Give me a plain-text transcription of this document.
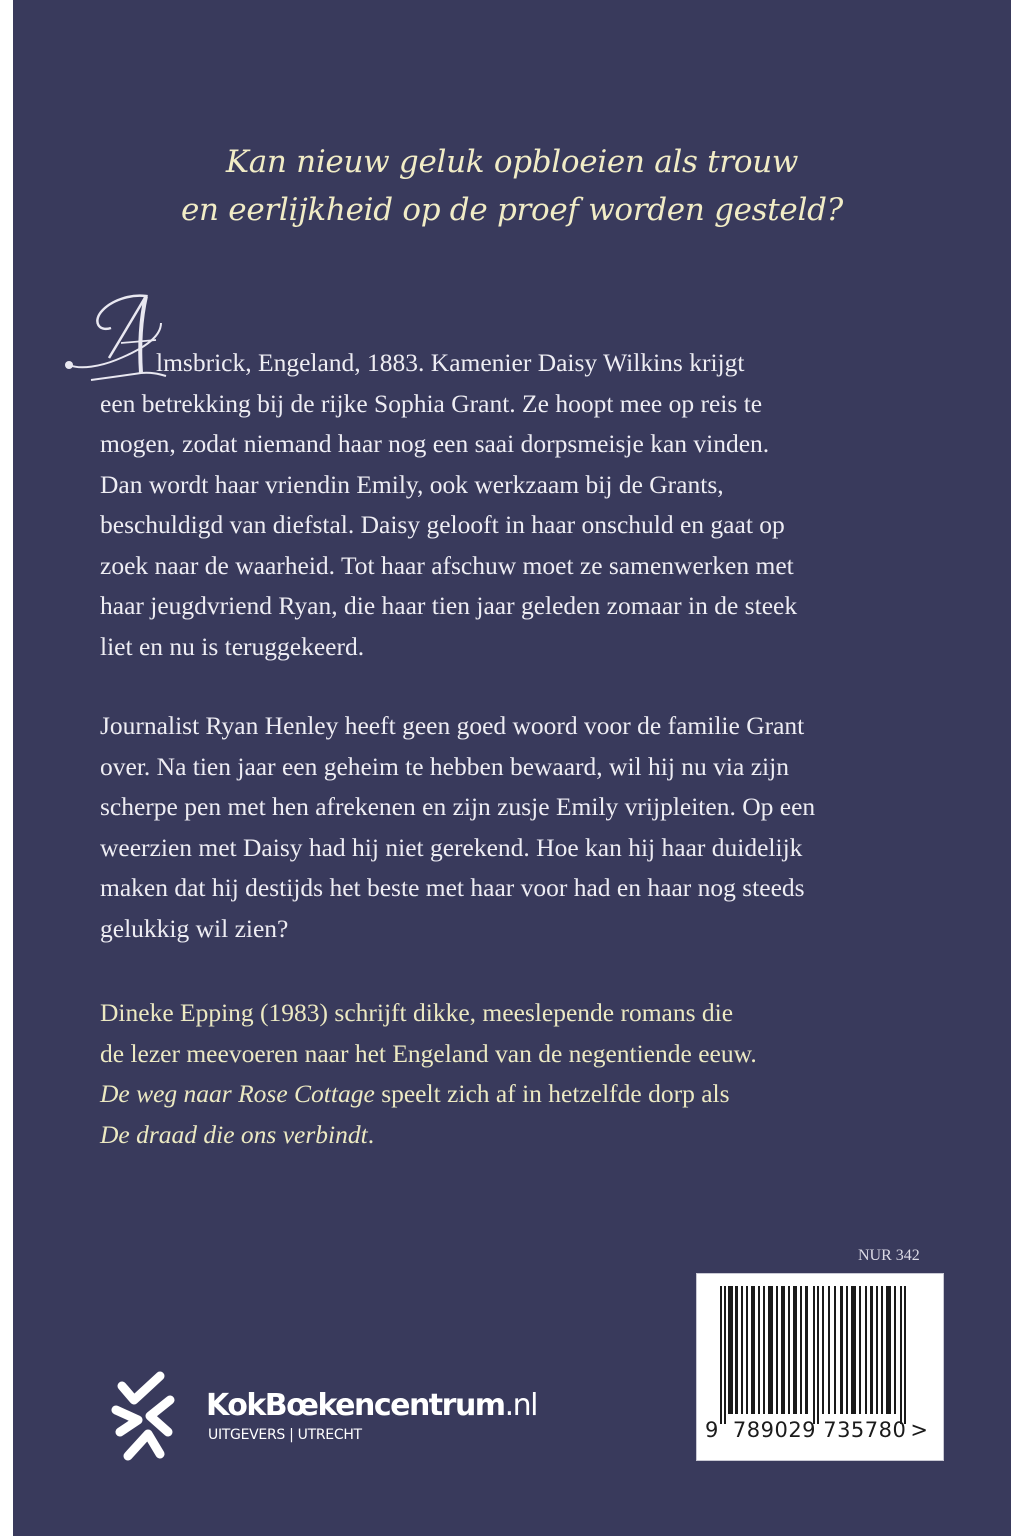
Kan nieuw geluk opbloeien als trouw
en eerlijkheid op de proef worden gesteld?
lmsbrick, Engeland, 1883. Kamenier Daisy Wilkins krijgt
een betrekking bij de rijke Sophia Grant. Ze hoopt mee op reis te
mogen, zodat niemand haar nog een saai dorpsmeisje kan vinden.
Dan wordt haar vriendin Emily, ook werkzaam bij de Grants,
beschuldigd van diefstal. Daisy gelooft in haar onschuld en gaat op
zoek naar de waarheid. Tot haar afschuw moet ze samenwerken met
haar jeugdvriend Ryan, die haar tien jaar geleden zomaar in de steek
liet en nu is teruggekeerd.
Journalist Ryan Henley heeft geen goed woord voor de familie Grant
over. Na tien jaar een geheim te hebben bewaard, wil hij nu via zijn
scherpe pen met hen afrekenen en zijn zusje Emily vrijpleiten. Op een
weerzien met Daisy had hij niet gerekend. Hoe kan hij haar duidelijk
maken dat hij destijds het beste met haar voor had en haar nog steeds
gelukkig wil zien?
Dineke Epping (1983) schrijft dikke, meeslepende romans die
de lezer meevoeren naar het Engeland van de negentiende eeuw.
De weg naar Rose Cottage speelt zich af in hetzelfde dorp als
De draad die ons verbindt.
NUR 342
9 789029 735780 >
KokBœkencentrum.nl
UITGEVERS | UTRECHT
